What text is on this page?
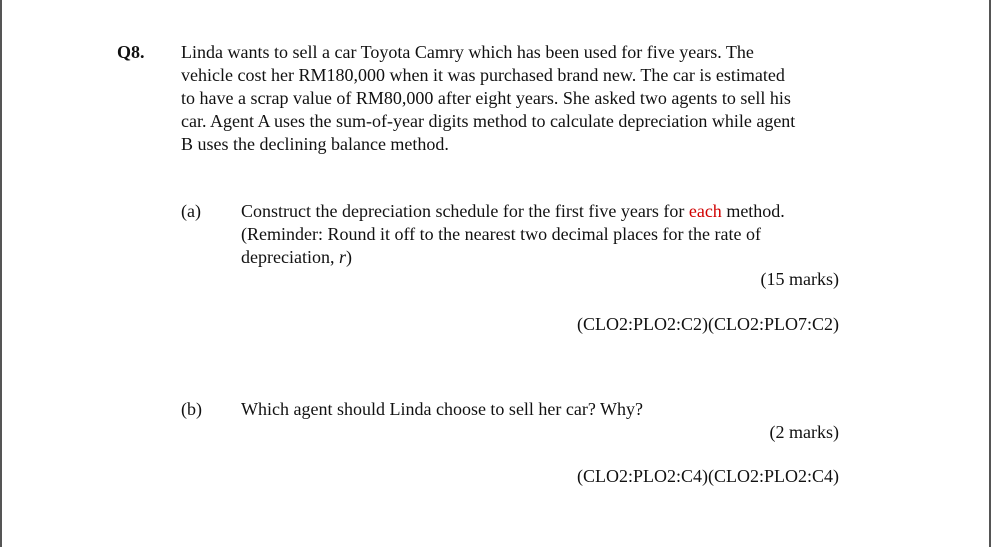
Q8. Linda wants to sell a car Toyota Camry which has been used for five years. The
vehicle cost her RM180,000 when it was purchased brand new. The car is estimated
to have a scrap value of RM80,000 after eight years. She asked two agents to sell his
car. Agent A uses the sum-of-year digits method to calculate depreciation while agent
B uses the declining balance method.
(a) Construct the depreciation schedule for the first five years for each method.
(Reminder: Round it off to the nearest two decimal places for the rate of
depreciation, r)
(15 marks)
(CLO2:PLO2:C2)(CLO2:PLO7:C2)
(b) Which agent should Linda choose to sell her car? Why?
(2 marks)
(CLO2:PLO2:C4)(CLO2:PLO2:C4)
